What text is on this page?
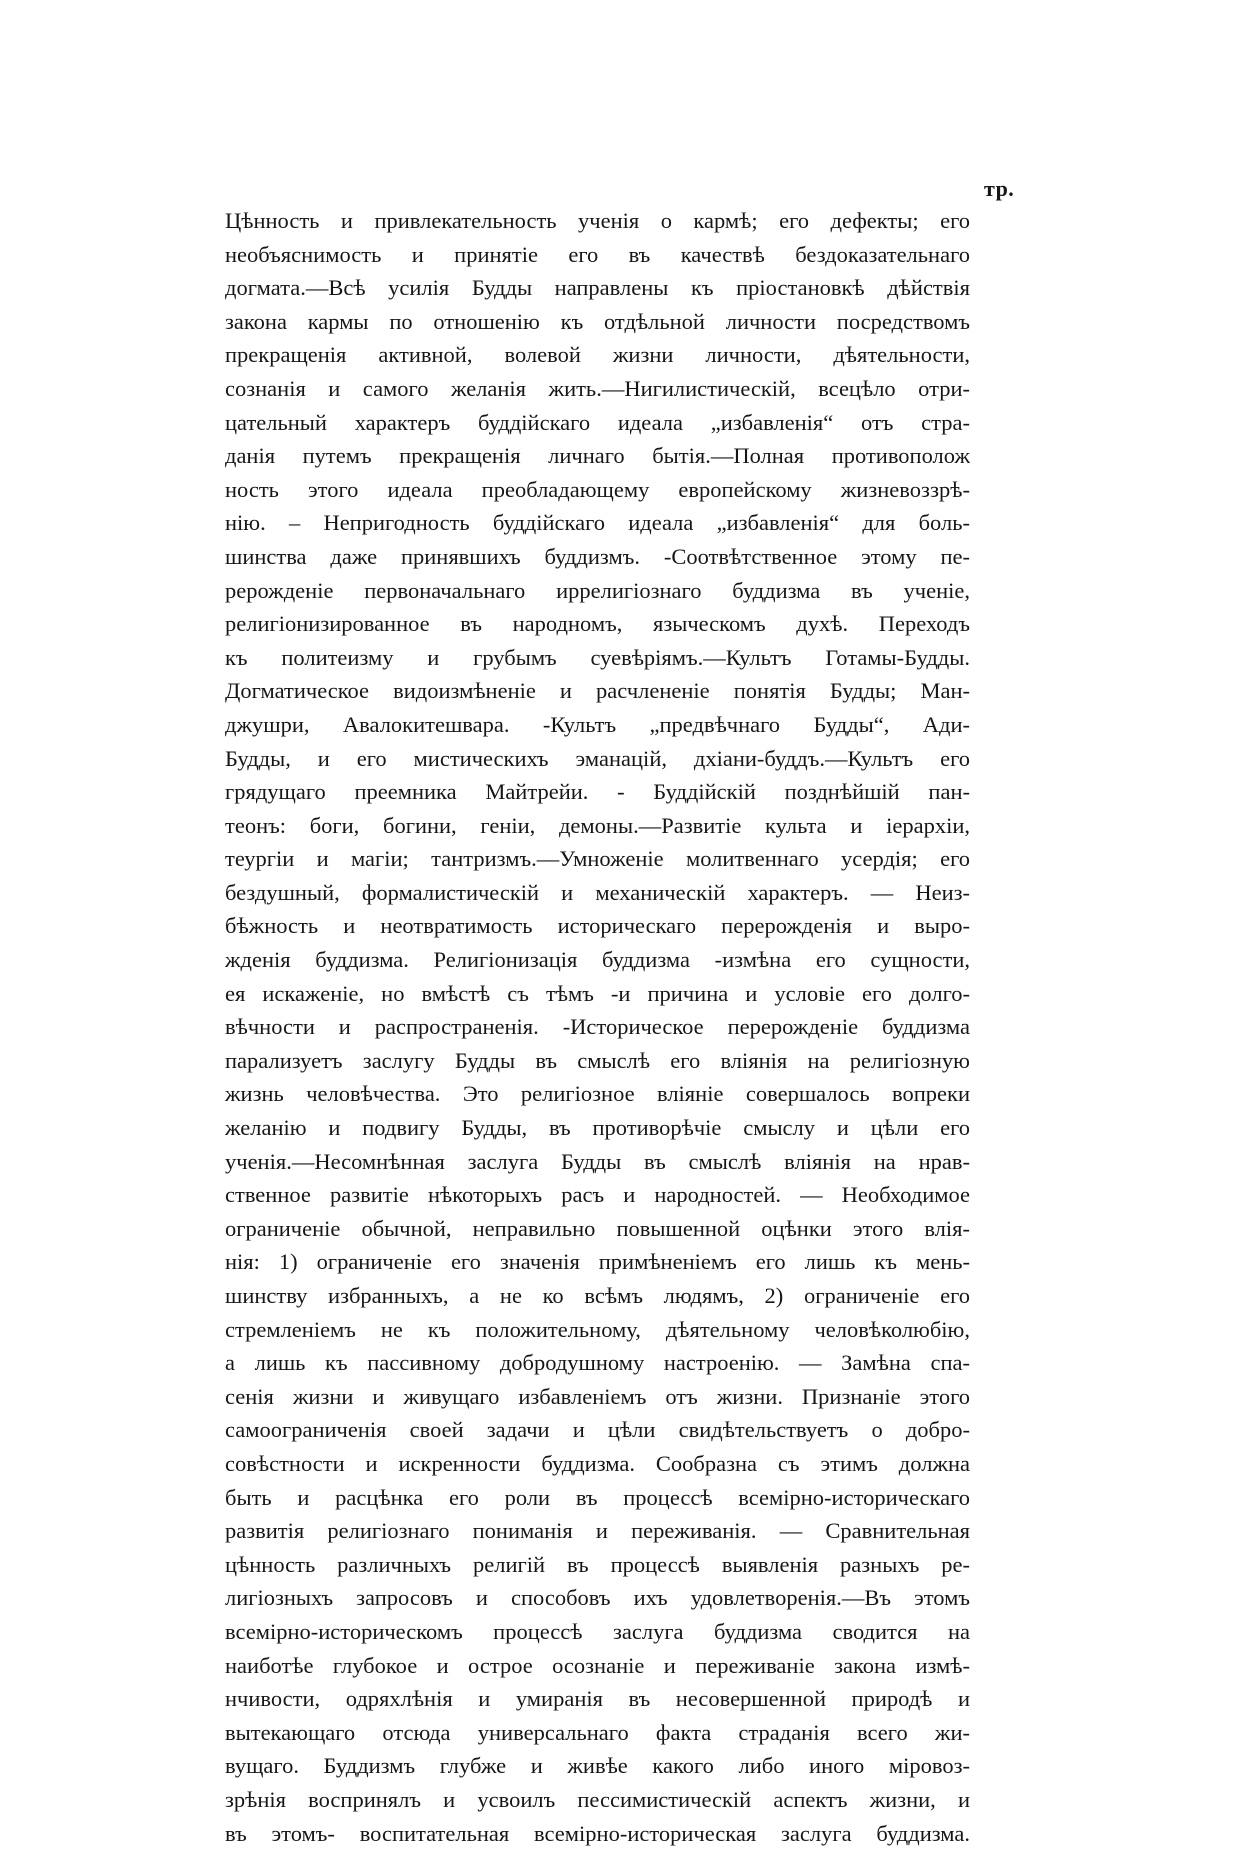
тр.
Цѣнность и привлекательность ученія о кармѣ; его дефекты; его
необъяснимость и принятіе его въ качествѣ бездоказательнаго
догмата.—Всѣ усилія Будды направлены къ пріостановкѣ дѣйствія
закона кармы по отношенію къ отдѣльной личности посредствомъ
прекращенія активной, волевой жизни личности, дѣятельности,
сознанія и самого желанія жить.—Нигилистическій, всецѣло отри-
цательный характеръ буддійскаго идеала „избавленія“ отъ стра-
данія путемъ прекращенія личнаго бытія.—Полная противополож
ность этого идеала преобладающему европейскому жизневоззрѣ-
нію. – Непригодность буддійскаго идеала „избавленія“ для боль-
шинства даже принявшихъ буддизмъ. -Соотвѣтственное этому пе-
рерожденіе первоначальнаго иррелигіознаго буддизма въ ученіе,
религіонизированное въ народномъ, языческомъ духѣ. Переходъ
къ политеизму и грубымъ суевѣріямъ.—Культъ Готамы-Будды.
Догматическое видоизмѣненіе и расчлененіе понятія Будды; Ман-
джушри, Авалокитешвара. -Культъ „предвѣчнаго Будды“, Ади-
Будды, и его мистическихъ эманацій, дхіани-буддъ.—Культъ его
грядущаго преемника Майтрейи. - Буддійскій позднѣйшій пан-
теонъ: боги, богини, геніи, демоны.—Развитіе культа и іерархіи,
теургіи и магіи; тантризмъ.—Умноженіе молитвеннаго усердія; его
бездушный, формалистическій и механическій характеръ. — Неиз-
бѣжность и неотвратимость историческаго перерожденія и выро-
жденія буддизма. Религіонизація буддизма -измѣна его сущности,
ея искаженіе, но вмѣстѣ съ тѣмъ -и причина и условіе его долго-
вѣчности и распространенія. -Историческое перерожденіе буддизма
парализуетъ заслугу Будды въ смыслѣ его вліянія на религіозную
жизнь человѣчества. Это религіозное вліяніе совершалось вопреки
желанію и подвигу Будды, въ противорѣчіе смыслу и цѣли его
ученія.—Несомнѣнная заслуга Будды въ смыслѣ вліянія на нрав-
ственное развитіе нѣкоторыхъ расъ и народностей. — Необходимое
ограниченіе обычной, неправильно повышенной оцѣнки этого влія-
нія: 1) ограниченіе его значенія примѣненіемъ его лишь къ мень-
шинству избранныхъ, а не ко всѣмъ людямъ, 2) ограниченіе его
стремленіемъ не къ положительному, дѣятельному человѣколюбію,
а лишь къ пассивному добродушному настроенію. — Замѣна спа-
сенія жизни и живущаго избавленіемъ отъ жизни. Признаніе этого
самоограниченія своей задачи и цѣли свидѣтельствуетъ о добро-
совѣстности и искренности буддизма. Сообразна съ этимъ должна
быть и расцѣнка его роли въ процессѣ всемірно-историческаго
развитія религіознаго пониманія и переживанія. — Сравнительная
цѣнность различныхъ религій въ процессѣ выявленія разныхъ ре-
лигіозныхъ запросовъ и способовъ ихъ удовлетворенія.—Въ этомъ
всемірно-историческомъ процессѣ заслуга буддизма сводится на
наиботѣе глубокое и острое осознаніе и переживаніе закона измѣ-
нчивости, одряхлѣнія и умиранія въ несовершенной природѣ и
вытекающаго отсюда универсальнаго факта страданія всего жи-
вущаго. Буддизмъ глубже и живѣе какого либо иного міровоз-
зрѣнія воспринялъ и усвоилъ пессимистическій аспектъ жизни, и
въ этомъ- воспитательная всемірно-историческая заслуга буддизма.
